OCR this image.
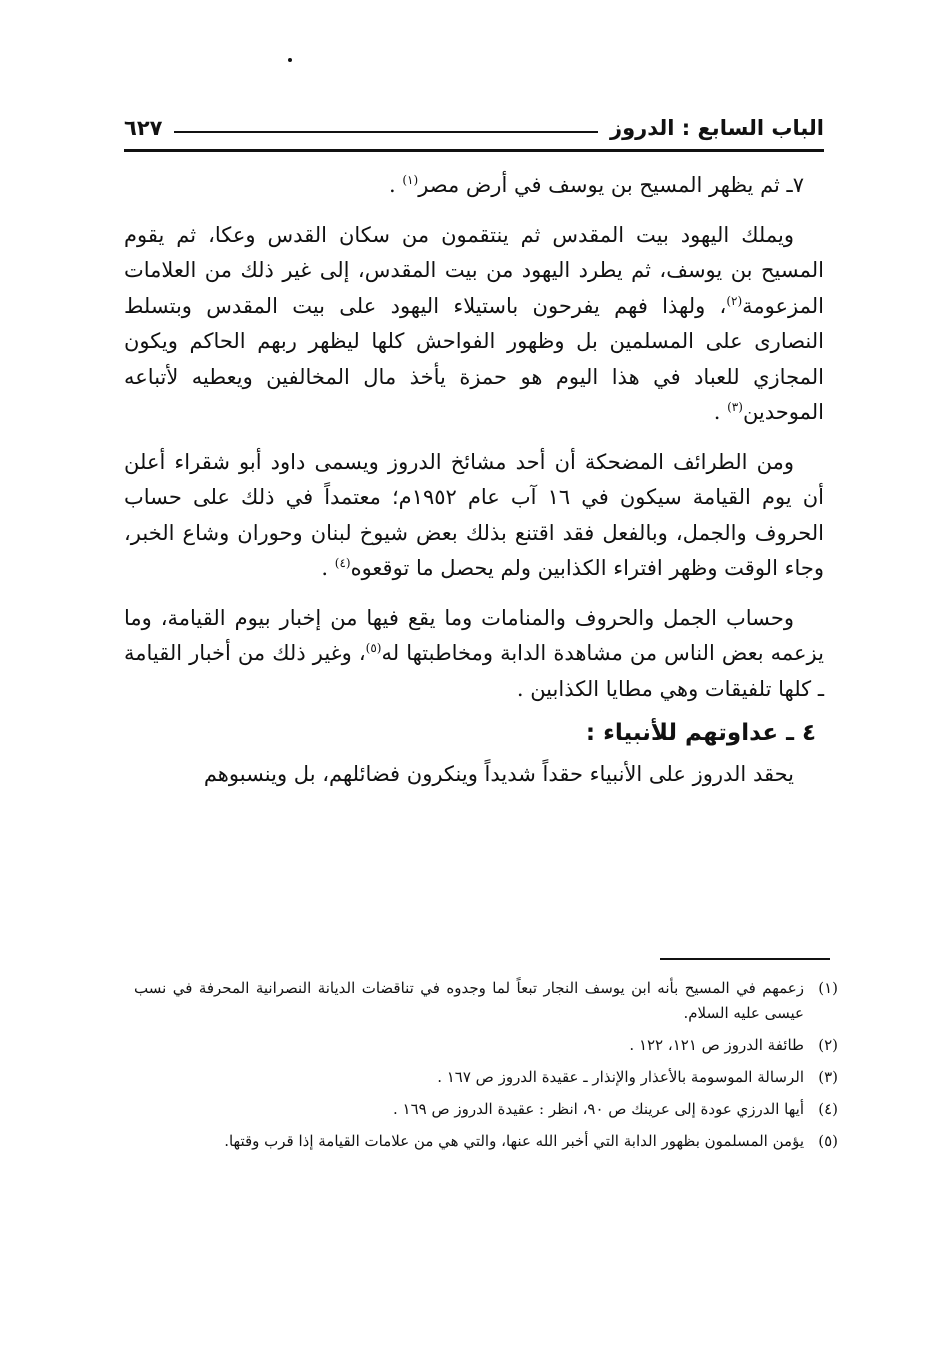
الباب السابع : الدروز
٦٢٧

٧ـ ثم يظهر المسيح بن يوسف في أرض مصر$^{(١)}$ .

ويملك اليهود بيت المقدس ثم ينتقمون من سكان القدس وعكا، ثم يقوم المسيح بن يوسف، ثم يطرد اليهود من بيت المقدس، إلى غير ذلك من العلامات المزعومة$^{(٢)}$، ولهذا فهم يفرحون باستيلاء اليهود على بيت المقدس وبتسلط النصارى على المسلمين بل وظهور الفواحش كلها ليظهر ربهم الحاكم ويكون المجازي للعباد في هذا اليوم هو حمزة يأخذ مال المخالفين ويعطيه لأتباعه الموحدين$^{(٣)}$ .

ومن الطرائف المضحكة أن أحد مشائخ الدروز ويسمى داود أبو شقراء أعلن أن يوم القيامة سيكون في ١٦ آب عام ١٩٥٢م؛ معتمداً في ذلك على حساب الحروف والجمل، وبالفعل فقد اقتنع بذلك بعض شيوخ لبنان وحوران وشاع الخبر، وجاء الوقت وظهر افتراء الكذابين ولم يحصل ما توقعوه$^{(٤)}$ .

وحساب الجمل والحروف والمنامات وما يقع فيها من إخبار بيوم القيامة، وما يزعمه بعض الناس من مشاهدة الدابة ومخاطبتها له$^{(٥)}$، وغير ذلك من أخبار القيامة ـ كلها تلفيقات وهي مطايا الكذابين .

٤ ـ عداوتهم للأنبياء :

يحقد الدروز على الأنبياء حقداً شديداً وينكرون فضائلهم، بل وينسبوهم

(١)
زعمهم في المسيح بأنه ابن يوسف النجار تبعاً لما وجدوه في تناقضات الديانة النصرانية المحرفة في نسب عيسى عليه السلام.
(٢)
طائفة الدروز ص ١٢١، ١٢٢ .
(٣)
الرسالة الموسومة بالأعذار والإنذار ـ عقيدة الدروز ص ١٦٧ .
(٤)
أيها الدرزي عودة إلى عرينك ص ٩٠، انظر : عقيدة الدروز ص ١٦٩ .
(٥)
يؤمن المسلمون بظهور الدابة التي أخبر الله عنها، والتي هي من علامات القيامة إذا قرب وقتها.
